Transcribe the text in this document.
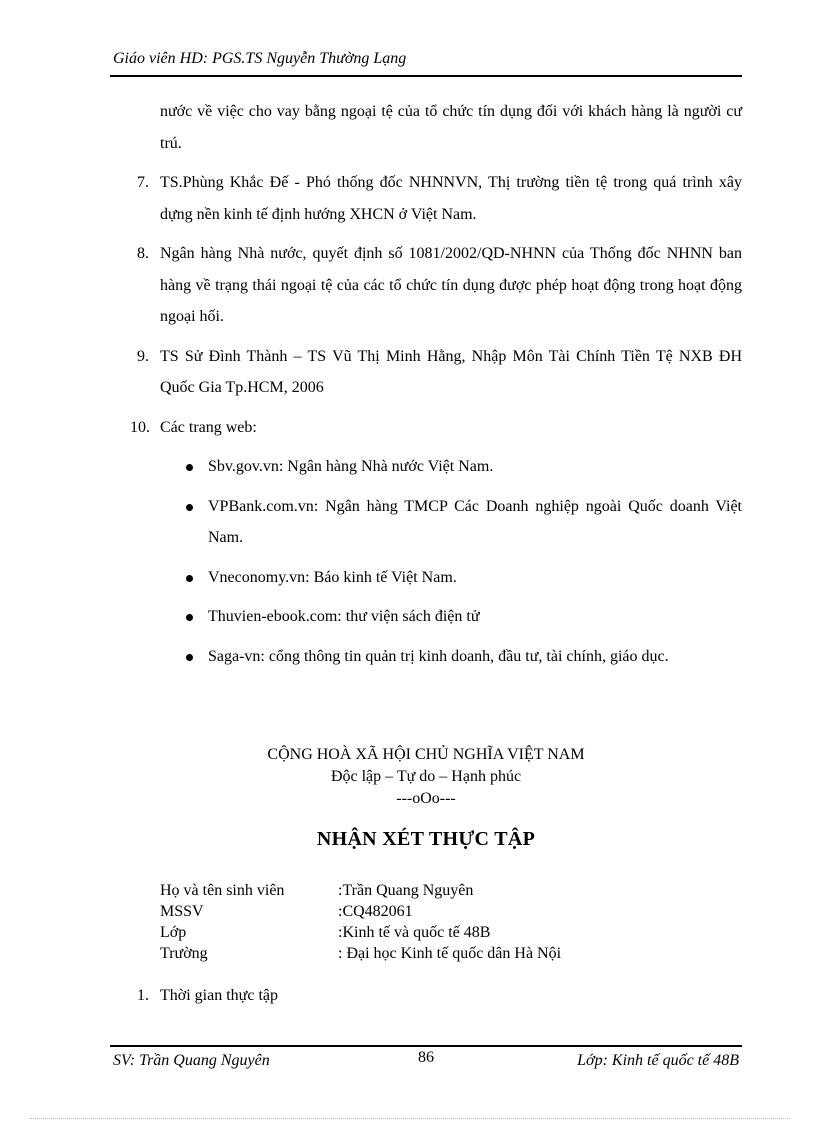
Giáo viên HD: PGS.TS Nguyễn Thường Lạng

nước về việc cho vay bằng ngoại tệ của tổ chức tín dụng đối với khách hàng là người cư trú.

7. TS.Phùng Khắc Đế - Phó thống đốc NHNNVN, Thị trường tiền tệ trong quá trình xây dựng nền kinh tế định hướng XHCN ở Việt Nam.
8. Ngân hàng Nhà nước, quyết định số 1081/2002/QD-NHNN của Thống đốc NHNN ban hàng về trạng thái ngoại tệ của các tổ chức tín dụng được phép hoạt động trong hoạt động ngoại hối.
9. TS Sử Đình Thành – TS Vũ Thị Minh Hằng, Nhập Môn Tài Chính Tiền Tệ NXB ĐH Quốc Gia Tp.HCM, 2006
10. Các trang web:
Sbv.gov.vn: Ngân hàng Nhà nước Việt Nam.
VPBank.com.vn: Ngân hàng TMCP Các Doanh nghiệp ngoài Quốc doanh Việt Nam.
Vneconomy.vn: Báo kinh tế Việt Nam.
Thuvien-ebook.com: thư viện sách điện tử
Saga-vn: cổng thông tin quản trị kinh doanh, đầu tư, tài chính, giáo dục.
CỘNG HOÀ XÃ HỘI CHỦ NGHĨA VIỆT NAM
Độc lập – Tự do – Hạnh phúc
---oOo---
NHẬN XÉT THỰC TẬP
Họ và tên sinh viên	:Trần Quang Nguyên
MSSV	:CQ482061
Lớp	:Kinh tế và quốc tế 48B
Trường	: Đại học Kinh tế quốc dân Hà Nội
1. Thời gian thực tập
SV: Trần Quang Nguyên	86	Lớp: Kinh tế quốc tế 48B
